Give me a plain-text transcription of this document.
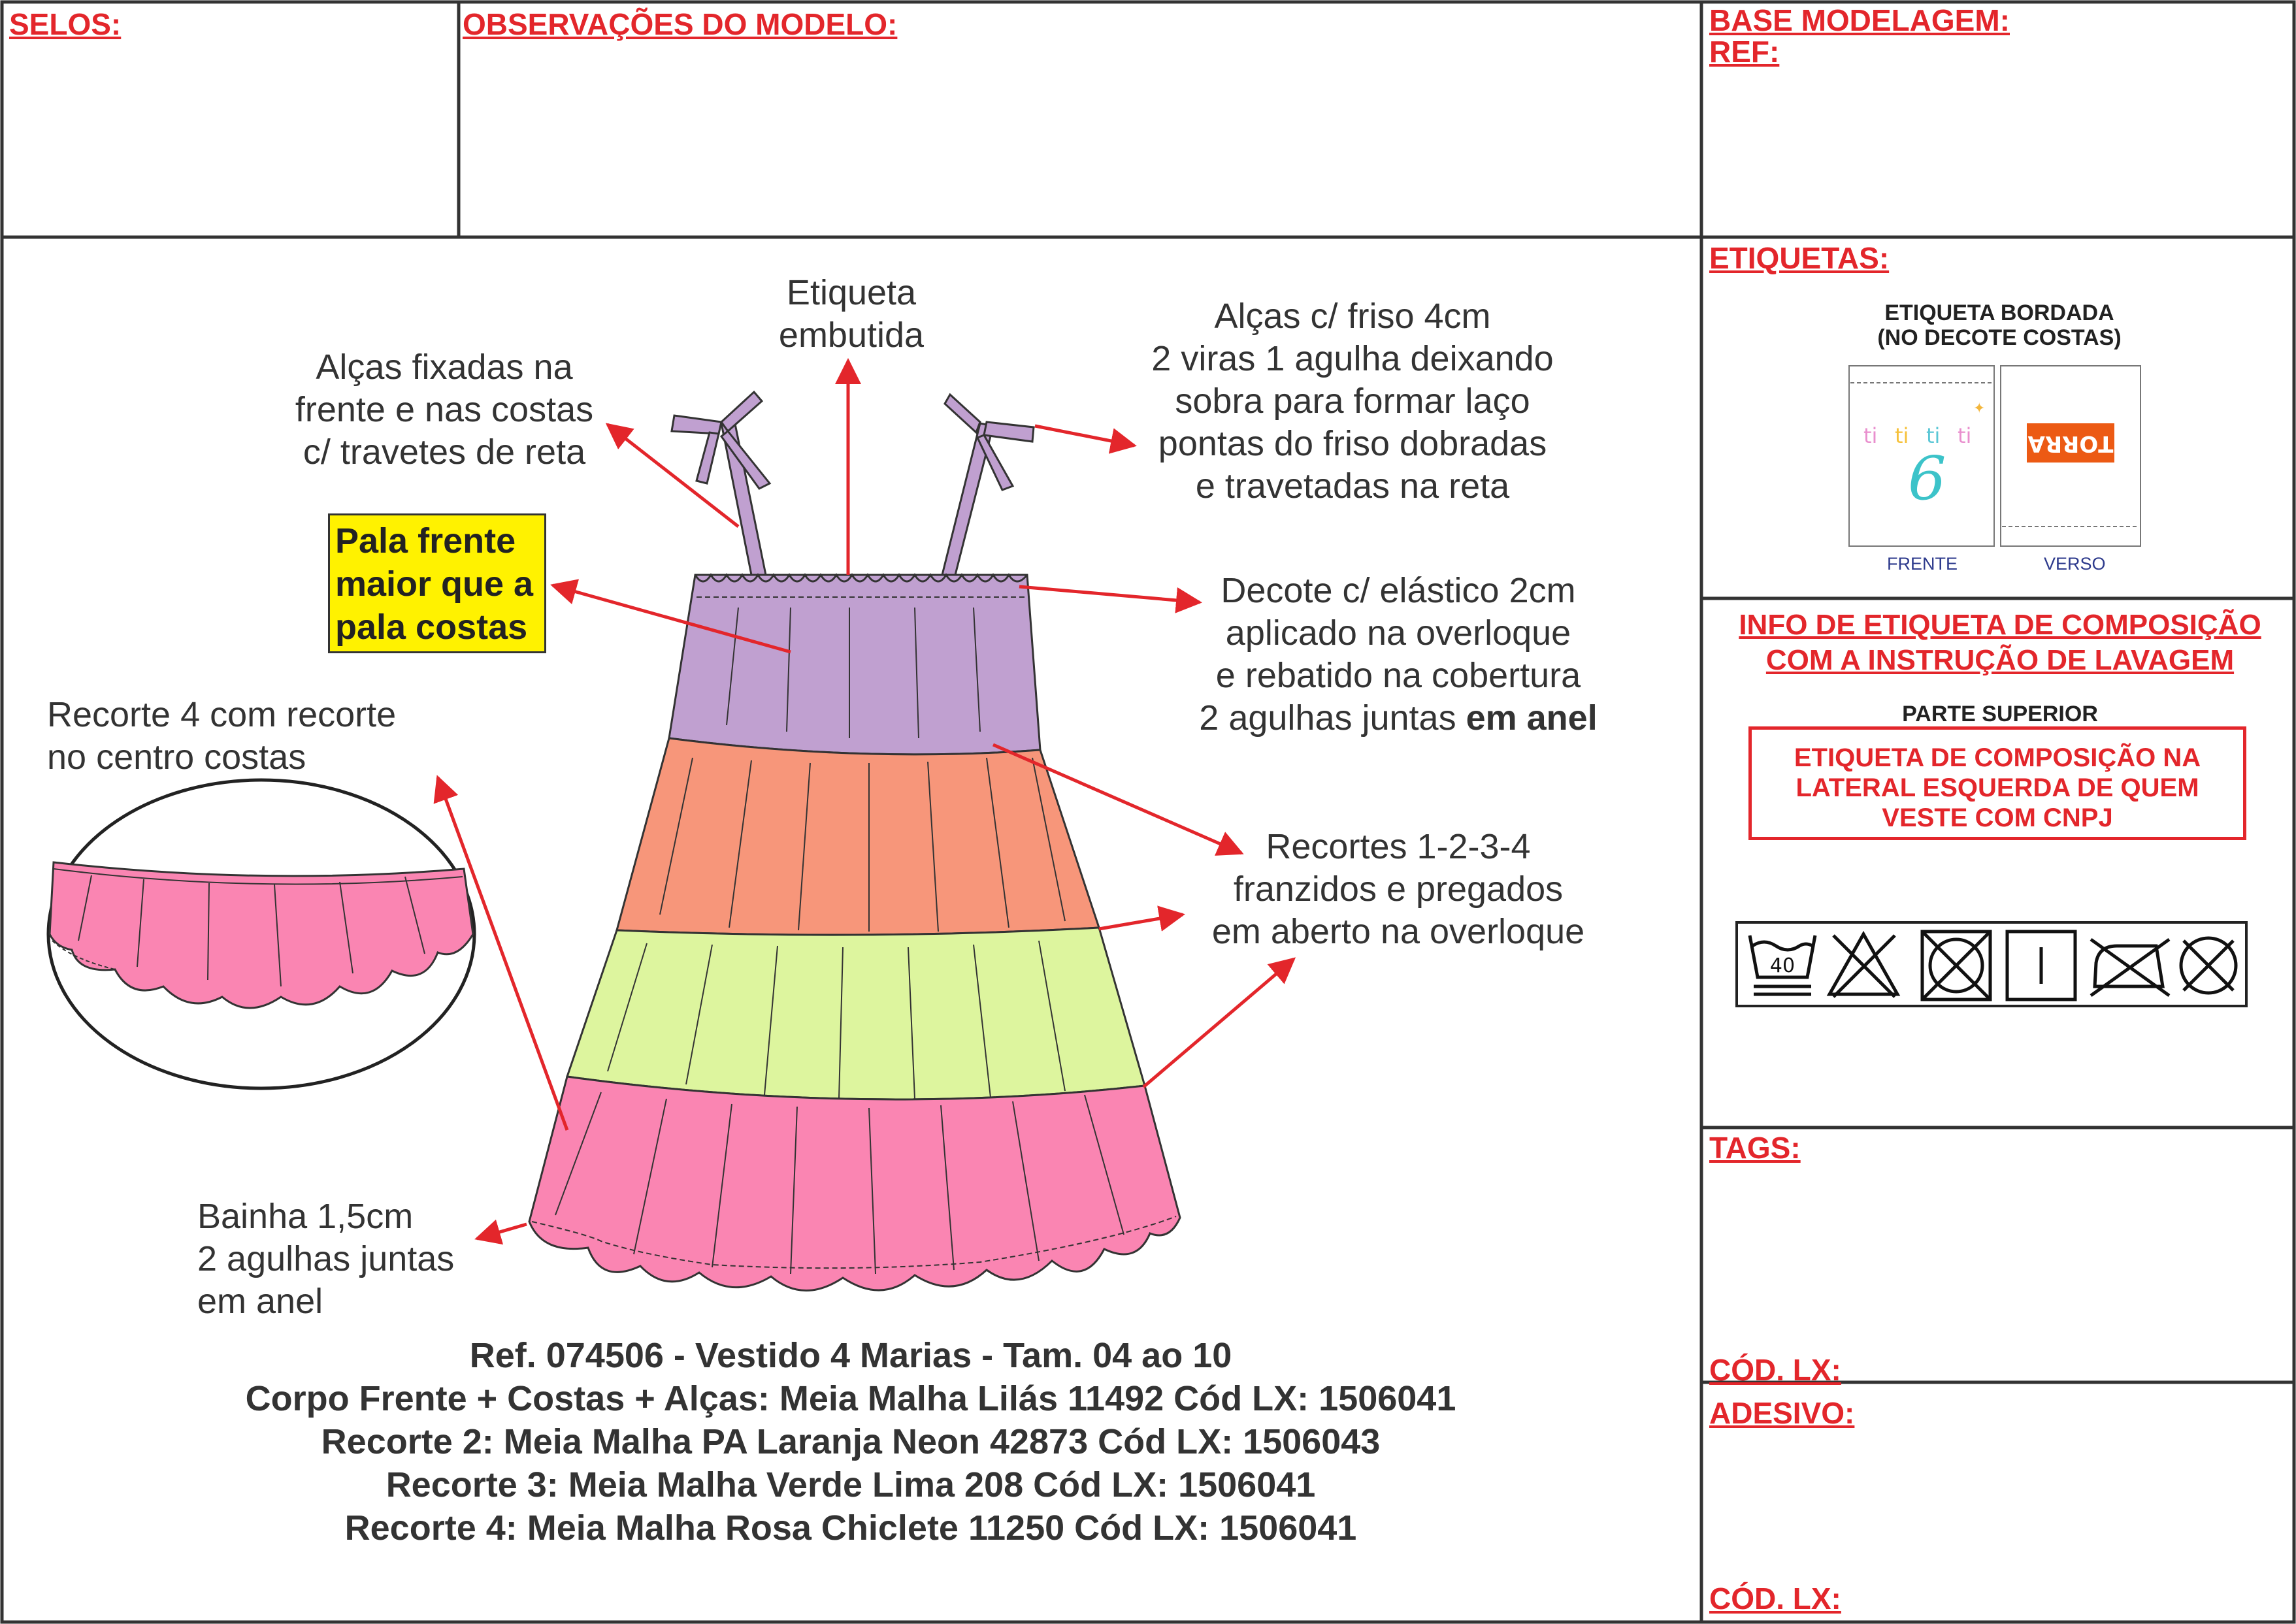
SELOS:	OBSERVAÇÕES DO MODELO:	BASE MODELAGEM:
REF:
ETIQUETAS:
ETIQUETA BORDADA
(NO DECOTE COSTAS)
ti ti ti ti
6
✦
TORRA
FRENTE	VERSO
INFO DE ETIQUETA DE COMPOSIÇÃO
COM A INSTRUÇÃO DE LAVAGEM
PARTE SUPERIOR
ETIQUETA DE COMPOSIÇÃO NA
LATERAL ESQUERDA DE QUEM
VESTE COM CNPJ
40
TAGS:
CÓD. LX:
ADESIVO:
CÓD. LX:
Etiqueta
embutida
Alças fixadas na
frente e nas costas
c/ travetes de reta
Alças c/ friso 4cm
2 viras 1 agulha deixando
sobra para formar laço
pontas do friso dobradas
e travetadas na reta
Pala frente
maior que a
pala costas
Decote c/ elástico 2cm
aplicado na overloque
e rebatido na cobertura
2 agulhas juntas em anel
Recorte 4 com recorte
no centro costas
Recortes 1-2-3-4
franzidos e pregados
em aberto na overloque
Bainha 1,5cm
2 agulhas juntas
em anel
Ref. 074506 - Vestido 4 Marias - Tam. 04 ao 10
Corpo Frente + Costas + Alças: Meia Malha Lilás 11492 Cód LX: 1506041
Recorte 2: Meia Malha PA Laranja Neon 42873 Cód LX: 1506043
Recorte 3: Meia Malha Verde Lima 208 Cód LX: 1506041
Recorte 4: Meia Malha Rosa Chiclete 11250 Cód LX: 1506041
